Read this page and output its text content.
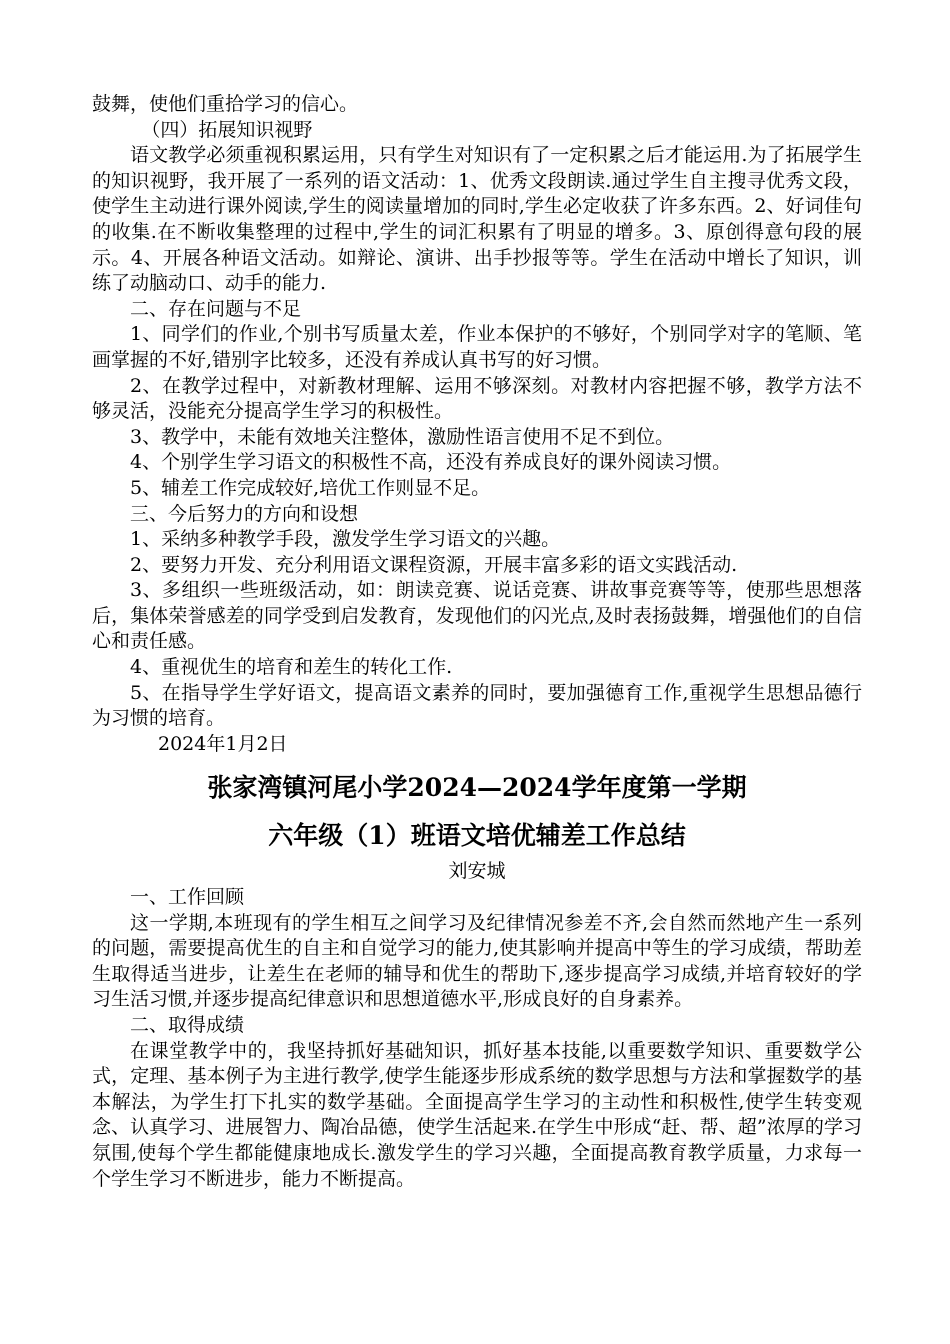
鼓舞，使他们重拾学习的信心。

（四）拓展知识视野

语文教学必须重视积累运用，只有学生对知识有了一定积累之后才能运用.为了拓展学生的知识视野，我开展了一系列的语文活动：1、优秀文段朗读.通过学生自主搜寻优秀文段，使学生主动进行课外阅读,学生的阅读量增加的同时,学生必定收获了许多东西。2、好词佳句的收集.在不断收集整理的过程中,学生的词汇积累有了明显的增多。3、原创得意句段的展示。4、开展各种语文活动。如辩论、演讲、出手抄报等等。学生在活动中增长了知识，训练了动脑动口、动手的能力.

二、存在问题与不足

1、同学们的作业,个别书写质量太差，作业本保护的不够好，个别同学对字的笔顺、笔画掌握的不好,错别字比较多，还没有养成认真书写的好习惯。

2、在教学过程中，对新教材理解、运用不够深刻。对教材内容把握不够，教学方法不够灵活，没能充分提高学生学习的积极性。

3、教学中，未能有效地关注整体，激励性语言使用不足不到位。

4、个别学生学习语文的积极性不高，还没有养成良好的课外阅读习惯。

5、辅差工作完成较好,培优工作则显不足。

三、今后努力的方向和设想

1、采纳多种教学手段，激发学生学习语文的兴趣。

2、要努力开发、充分利用语文课程资源，开展丰富多彩的语文实践活动.

3、多组织一些班级活动，如：朗读竞赛、说话竞赛、讲故事竞赛等等，使那些思想落后，集体荣誉感差的同学受到启发教育，发现他们的闪光点,及时表扬鼓舞，增强他们的自信心和责任感。

4、重视优生的培育和差生的转化工作.

5、在指导学生学好语文，提高语文素养的同时，要加强德育工作,重视学生思想品德行为习惯的培育。

2024年1月2日

张家湾镇河尾小学2024—2024学年度第一学期
六年级（1）班语文培优辅差工作总结

刘安城

一、工作回顾

这一学期,本班现有的学生相互之间学习及纪律情况参差不齐,会自然而然地产生一系列的问题，需要提高优生的自主和自觉学习的能力,使其影响并提高中等生的学习成绩，帮助差生取得适当进步，让差生在老师的辅导和优生的帮助下,逐步提高学习成绩,并培育较好的学习生活习惯,并逐步提高纪律意识和思想道德水平,形成良好的自身素养。

二、取得成绩

在课堂教学中的，我坚持抓好基础知识，抓好基本技能,以重要数学知识、重要数学公式，定理、基本例子为主进行教学,使学生能逐步形成系统的数学思想与方法和掌握数学的基本解法，为学生打下扎实的数学基础。全面提高学生学习的主动性和积极性,使学生转变观念、认真学习、进展智力、陶冶品德，使学生活起来.在学生中形成“赶、帮、超”浓厚的学习氛围,使每个学生都能健康地成长.激发学生的学习兴趣，全面提高教育教学质量，力求每一个学生学习不断进步，能力不断提高。
